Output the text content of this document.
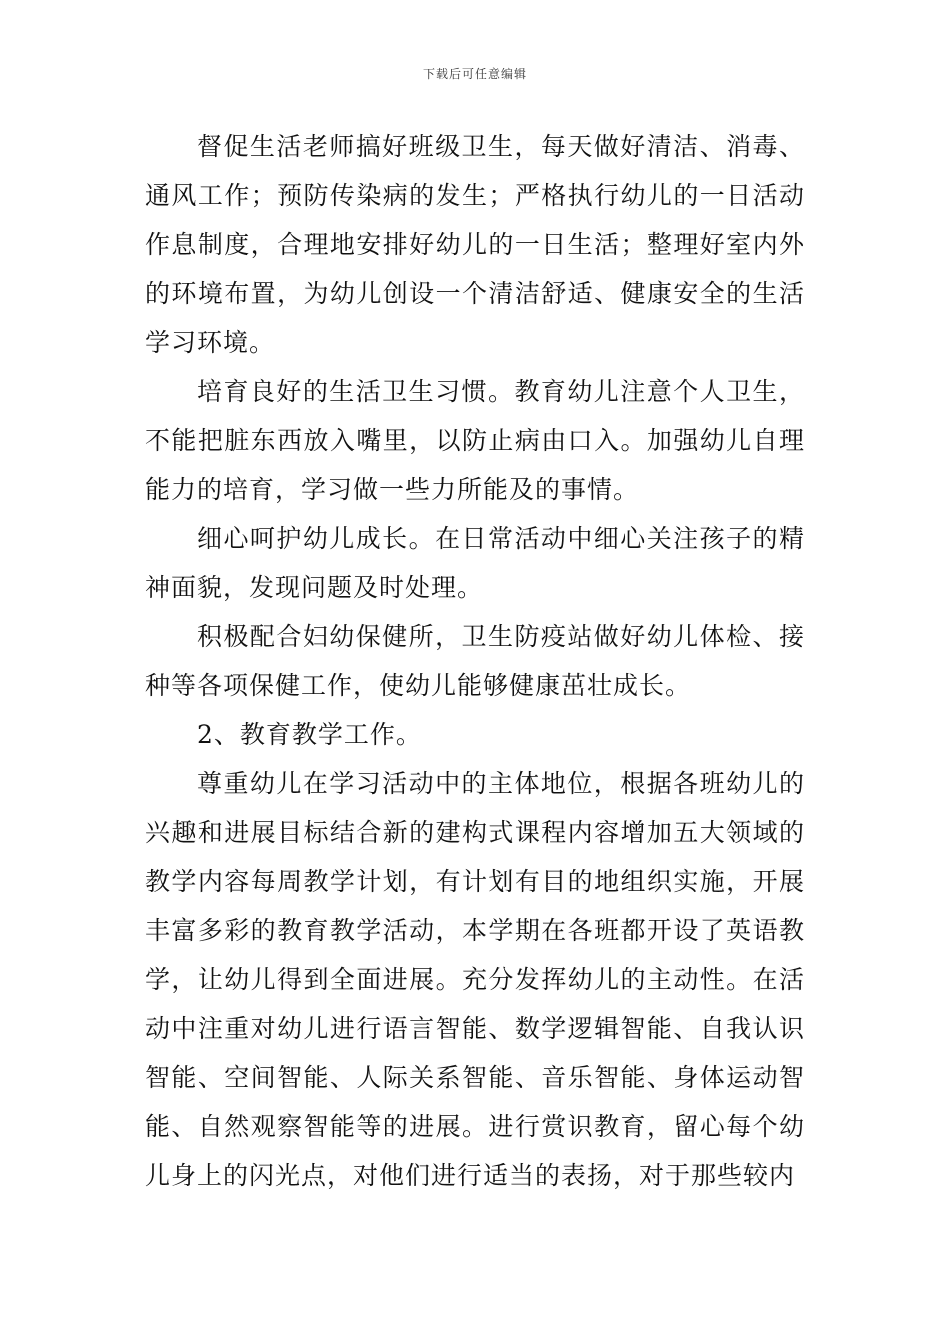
下载后可任意编辑

督促生活老师搞好班级卫生，每天做好清洁、消毒、通风工作；预防传染病的发生；严格执行幼儿的一日活动作息制度，合理地安排好幼儿的一日生活；整理好室内外的环境布置，为幼儿创设一个清洁舒适、健康安全的生活学习环境。

培育良好的生活卫生习惯。教育幼儿注意个人卫生，不能把脏东西放入嘴里，以防止病由口入。加强幼儿自理能力的培育，学习做一些力所能及的事情。

细心呵护幼儿成长。在日常活动中细心关注孩子的精神面貌，发现问题及时处理。

积极配合妇幼保健所，卫生防疫站做好幼儿体检、接种等各项保健工作，使幼儿能够健康茁壮成长。

2、教育教学工作。

尊重幼儿在学习活动中的主体地位，根据各班幼儿的兴趣和进展目标结合新的建构式课程内容增加五大领域的教学内容每周教学计划，有计划有目的地组织实施，开展丰富多彩的教育教学活动，本学期在各班都开设了英语教学，让幼儿得到全面进展。充分发挥幼儿的主动性。在活动中注重对幼儿进行语言智能、数学逻辑智能、自我认识智能、空间智能、人际关系智能、音乐智能、身体运动智能、自然观察智能等的进展。进行赏识教育，留心每个幼儿身上的闪光点，对他们进行适当的表扬，对于那些较内
